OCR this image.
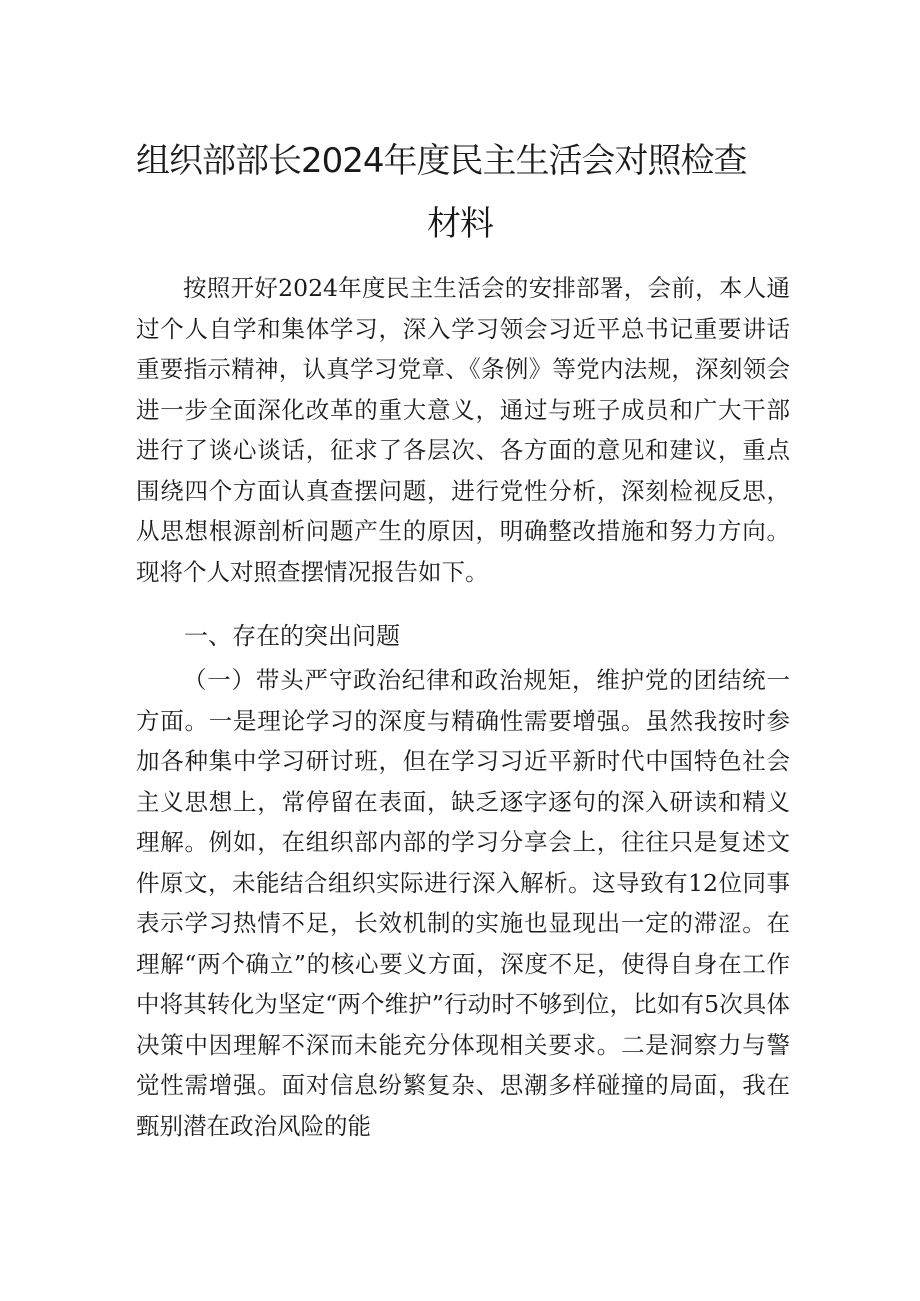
组织部部长2024年度民主生活会对照检查
材料

按照开好2024年度民主生活会的安排部署，会前，本人通过个人自学和集体学习，深入学习领会习近平总书记重要讲话重要指示精神，认真学习党章、《条例》等党内法规，深刻领会进一步全面深化改革的重大意义，通过与班子成员和广大干部进行了谈心谈话，征求了各层次、各方面的意见和建议，重点围绕四个方面认真查摆问题，进行党性分析，深刻检视反思，从思想根源剖析问题产生的原因，明确整改措施和努力方向。现将个人对照查摆情况报告如下。

一、存在的突出问题

（一）带头严守政治纪律和政治规矩，维护党的团结统一方面。一是理论学习的深度与精确性需要增强。虽然我按时参加各种集中学习研讨班，但在学习习近平新时代中国特色社会主义思想上，常停留在表面，缺乏逐字逐句的深入研读和精义理解。例如，在组织部内部的学习分享会上，往往只是复述文件原文，未能结合组织实际进行深入解析。这导致有12位同事表示学习热情不足，长效机制的实施也显现出一定的滞涩。在理解“两个确立”的核心要义方面，深度不足，使得自身在工作中将其转化为坚定“两个维护”行动时不够到位，比如有5次具体决策中因理解不深而未能充分体现相关要求。二是洞察力与警觉性需增强。面对信息纷繁复杂、思潮多样碰撞的局面，我在甄别潜在政治风险的能
